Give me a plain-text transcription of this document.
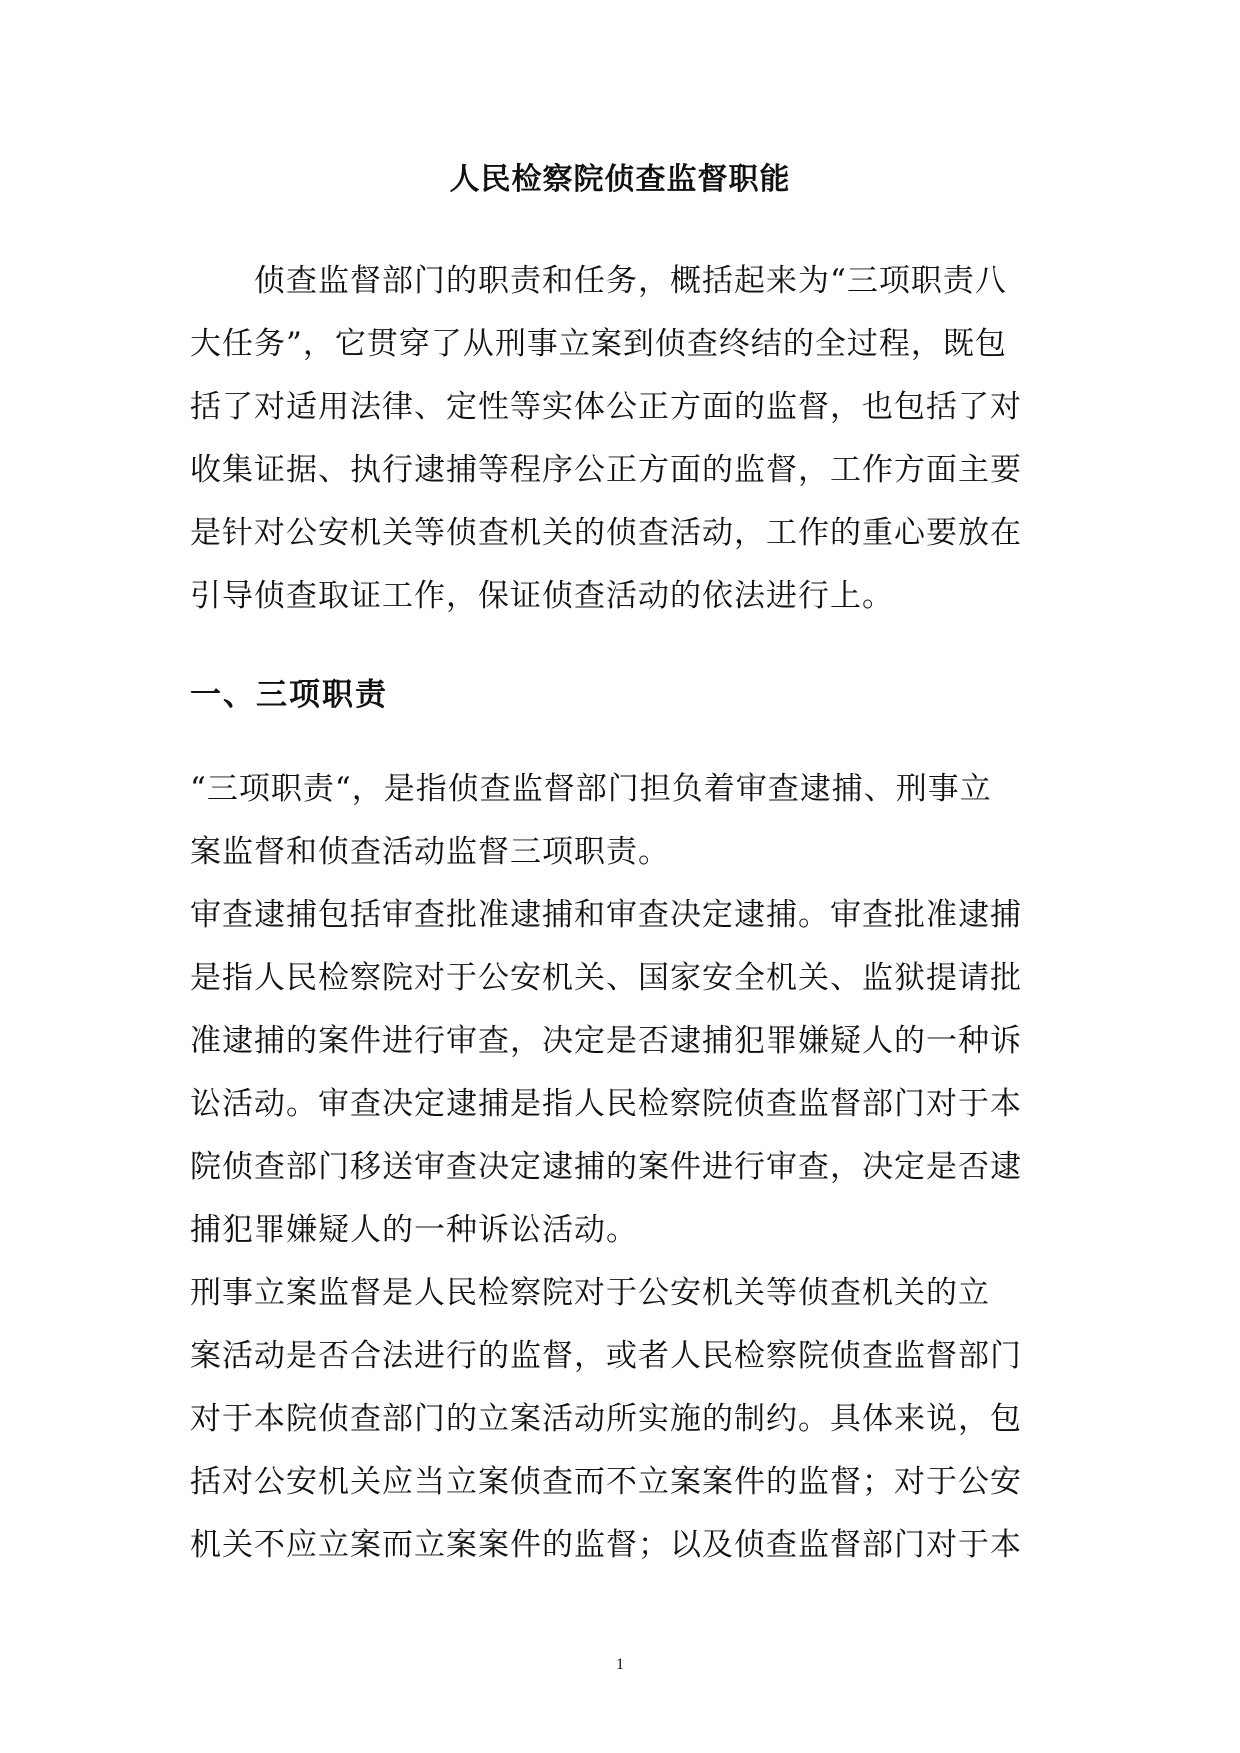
人民检察院侦查监督职能
　　侦查监督部门的职责和任务，概括起来为“三项职责八
大任务”，它贯穿了从刑事立案到侦查终结的全过程，既包
括了对适用法律、定性等实体公正方面的监督，也包括了对
收集证据、执行逮捕等程序公正方面的监督，工作方面主要
是针对公安机关等侦查机关的侦查活动，工作的重心要放在
引导侦查取证工作，保证侦查活动的依法进行上。
一、三项职责
“三项职责“，是指侦查监督部门担负着审查逮捕、刑事立
案监督和侦查活动监督三项职责。
审查逮捕包括审查批准逮捕和审查决定逮捕。审查批准逮捕
是指人民检察院对于公安机关、国家安全机关、监狱提请批
准逮捕的案件进行审查，决定是否逮捕犯罪嫌疑人的一种诉
讼活动。审查决定逮捕是指人民检察院侦查监督部门对于本
院侦查部门移送审查决定逮捕的案件进行审查，决定是否逮
捕犯罪嫌疑人的一种诉讼活动。
刑事立案监督是人民检察院对于公安机关等侦查机关的立
案活动是否合法进行的监督，或者人民检察院侦查监督部门
对于本院侦查部门的立案活动所实施的制约。具体来说，包
括对公安机关应当立案侦查而不立案案件的监督；对于公安
机关不应立案而立案案件的监督；以及侦查监督部门对于本
1
